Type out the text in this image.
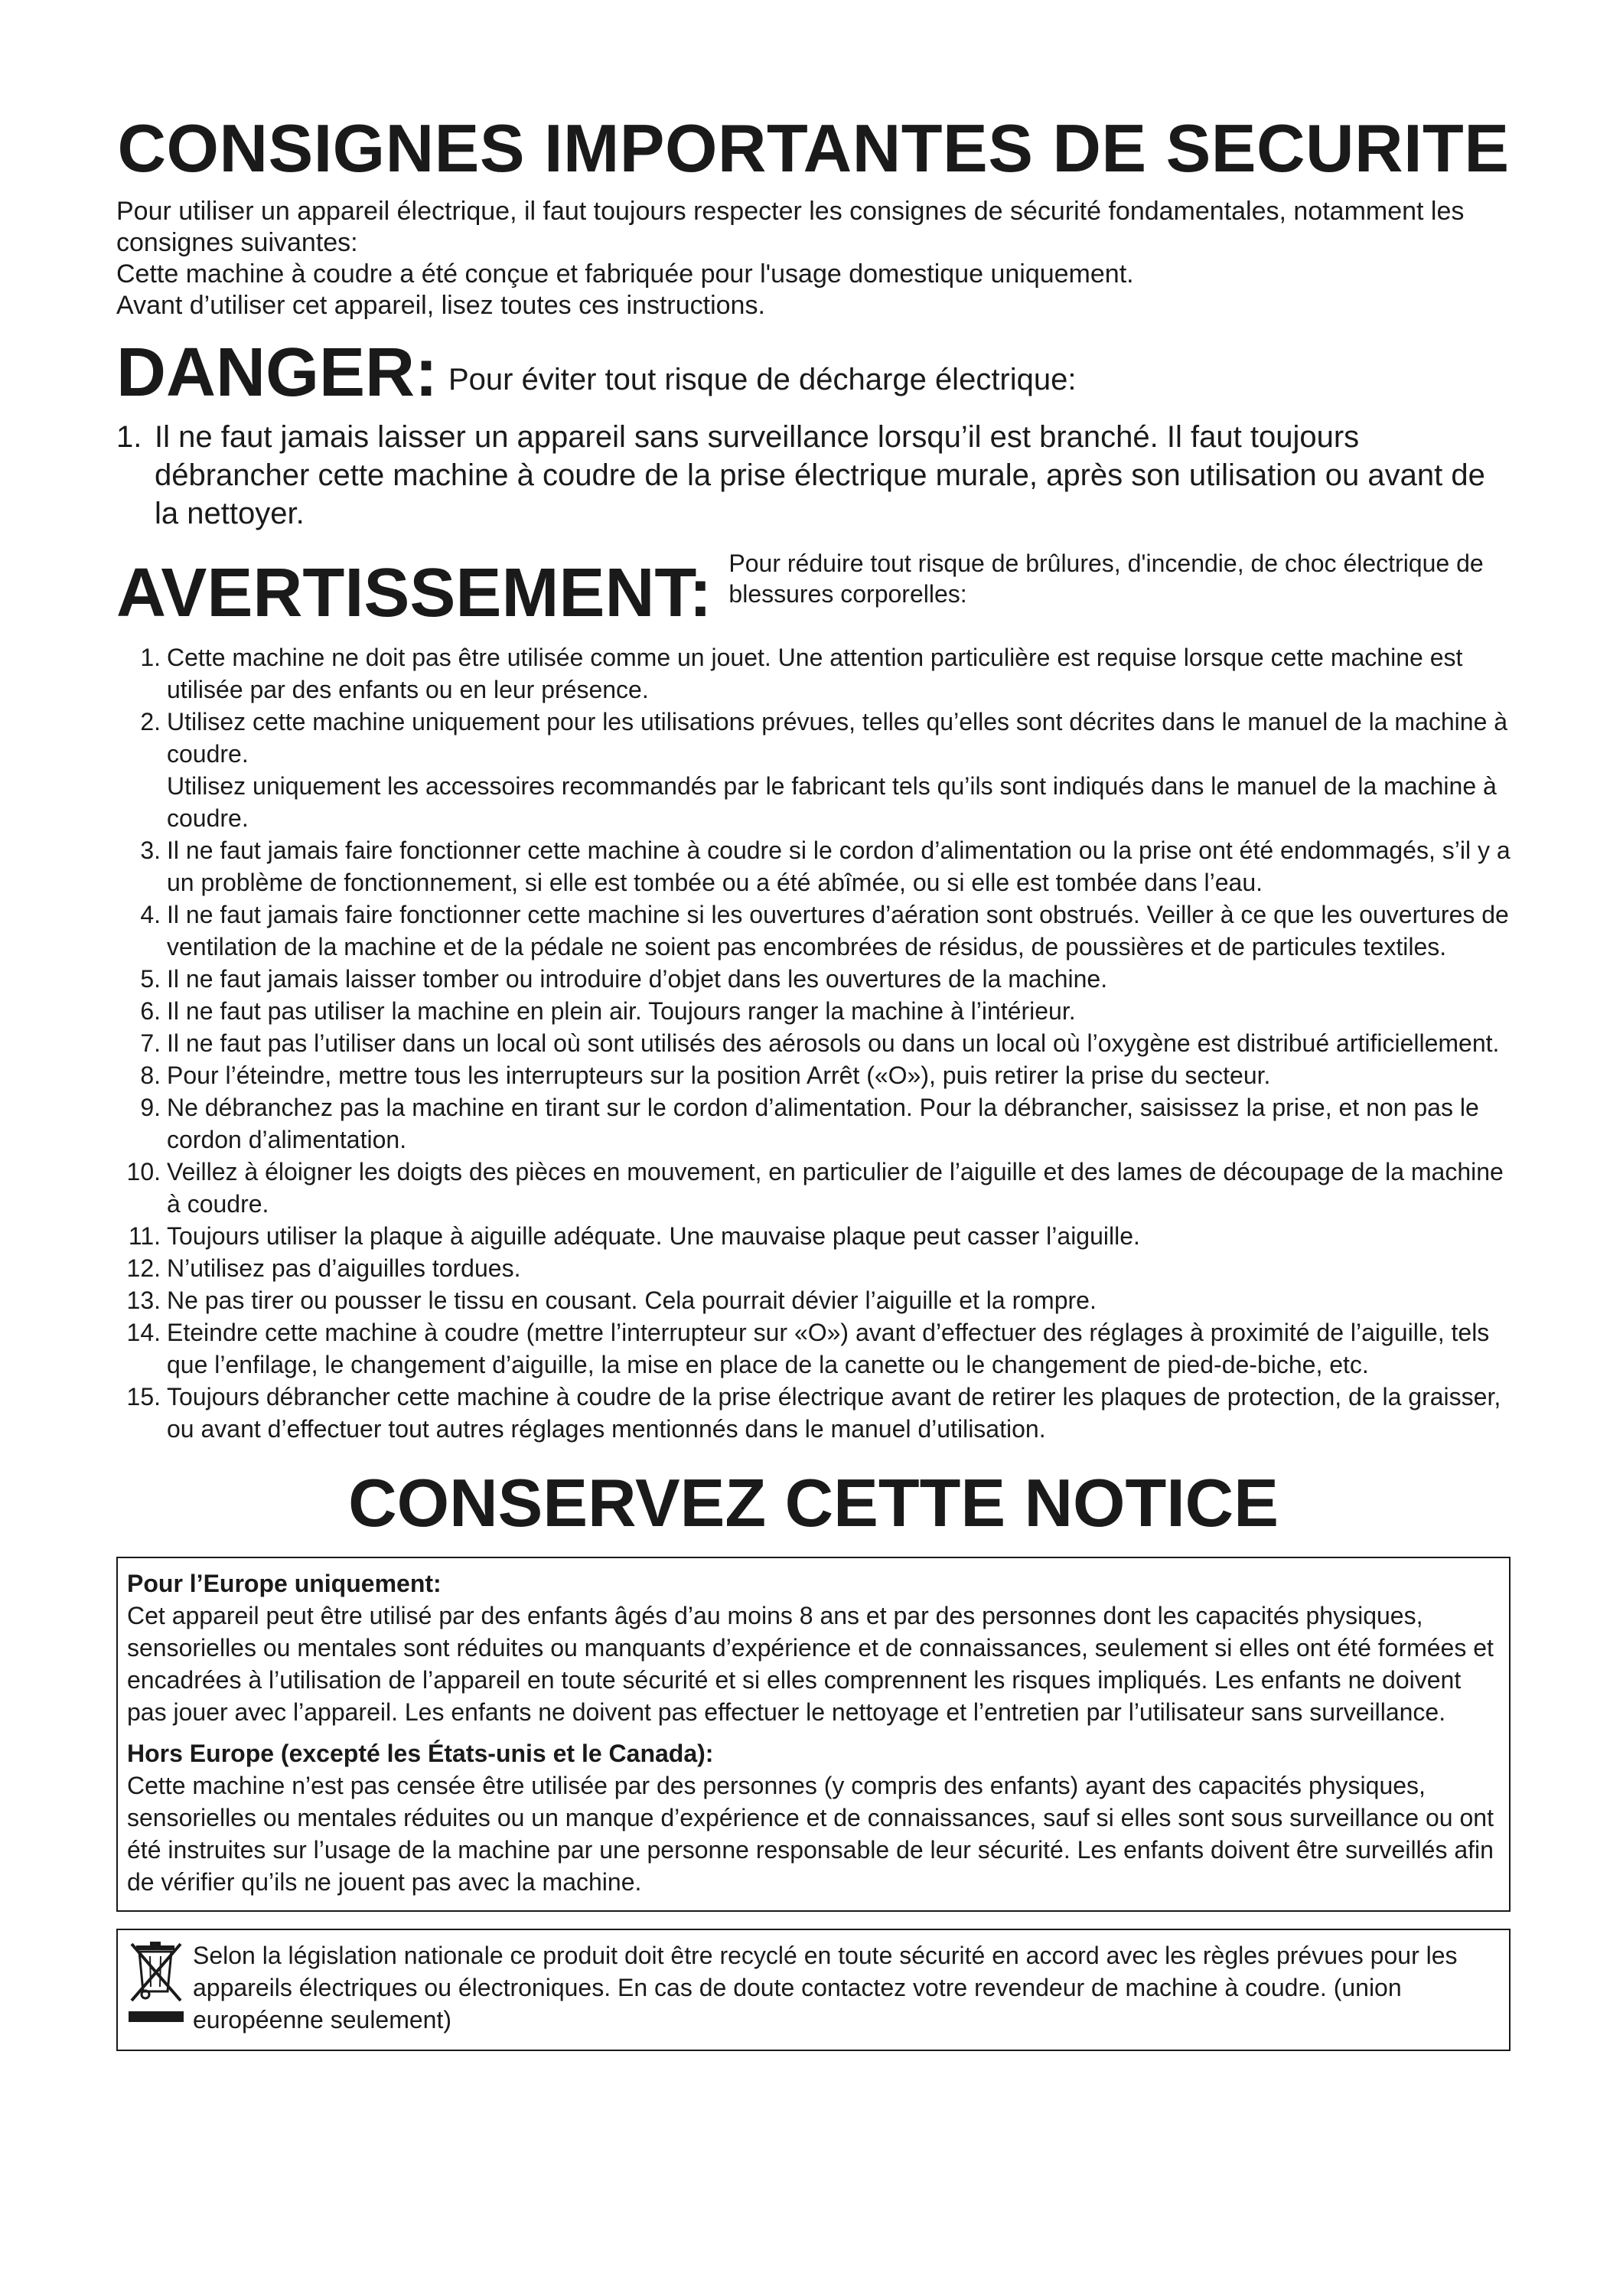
CONSIGNES IMPORTANTES DE SECURITE

Pour utiliser un appareil électrique, il faut toujours respecter les consignes de sécurité fondamentales, notamment les consignes suivantes:

Cette machine à coudre a été conçue et fabriquée pour l'usage domestique uniquement.

Avant d’utiliser cet appareil, lisez toutes ces instructions.

DANGER: Pour éviter tout risque de décharge électrique:
1. Il ne faut jamais laisser un appareil sans surveillance lorsqu’il est branché. Il faut toujours débrancher cette machine à coudre de la prise électrique murale, après son utilisation ou avant de la nettoyer.
AVERTISSEMENT: Pour réduire tout risque de brûlures, d'incendie, de choc électrique de blessures corporelles:
1. Cette machine ne doit pas être utilisée comme un jouet. Une attention particulière est requise lorsque cette machine est utilisée par des enfants ou en leur présence.

2. Utilisez cette machine uniquement pour les utilisations prévues, telles qu’elles sont décrites dans le manuel de la machine à coudre.

Utilisez uniquement les accessoires recommandés par le fabricant tels qu’ils sont indiqués dans le manuel de la machine à coudre.

3. Il ne faut jamais faire fonctionner cette machine à coudre si le cordon d’alimentation ou la prise ont été endommagés, s’il y a un problème de fonctionnement, si elle est tombée ou a été abîmée, ou si elle est tombée dans l’eau.

4. Il ne faut jamais faire fonctionner cette machine si les ouvertures d’aération sont obstrués. Veiller à ce que les ouvertures de ventilation de la machine et de la pédale ne soient pas encombrées de résidus, de poussières et de particules textiles.

5. Il ne faut jamais laisser tomber ou introduire d’objet dans les ouvertures de la machine.

6. Il ne faut pas utiliser la machine en plein air. Toujours ranger la machine à l’intérieur.

7. Il ne faut pas l’utiliser dans un local où sont utilisés des aérosols ou dans un local où l’oxygène est distribué artificiellement.

8. Pour l’éteindre, mettre tous les interrupteurs sur la position Arrêt («O»), puis retirer la prise du secteur.

9. Ne débranchez pas la machine en tirant sur le cordon d’alimentation. Pour la débrancher, saisissez la prise, et non pas le cordon d’alimentation.

10. Veillez à éloigner les doigts des pièces en mouvement, en particulier de l’aiguille et des lames de découpage de la machine à coudre.

11. Toujours utiliser la plaque à aiguille adéquate. Une mauvaise plaque peut casser l’aiguille.

12. N’utilisez pas d’aiguilles tordues.

13. Ne pas tirer ou pousser le tissu en cousant. Cela pourrait dévier l’aiguille et la rompre.

14. Eteindre cette machine à coudre (mettre l’interrupteur sur «O») avant d’effectuer des réglages à proximité de l’aiguille, tels que l’enfilage, le changement d’aiguille, la mise en place de la canette ou le changement de pied-de-biche, etc.

15. Toujours débrancher cette machine à coudre de la prise électrique avant de retirer les plaques de protection, de la graisser, ou avant d’effectuer tout autres réglages mentionnés dans le manuel d’utilisation.

CONSERVEZ CETTE NOTICE

Pour l’Europe uniquement:

Cet appareil peut être utilisé par des enfants âgés d’au moins 8 ans et par des personnes dont les capacités physiques, sensorielles ou mentales sont réduites ou manquants d’expérience et de connaissances, seulement si elles ont été formées et encadrées à l’utilisation de l’appareil en toute sécurité et si elles comprennent les risques impliqués. Les enfants ne doivent pas jouer avec l’appareil. Les enfants ne doivent pas effectuer le nettoyage et l’entretien par l’utilisateur sans surveillance.

Hors Europe (excepté les États-unis et le Canada):

Cette machine n’est pas censée être utilisée par des personnes (y compris des enfants) ayant des capacités physiques, sensorielles ou mentales réduites ou un manque d’expérience et de connaissances, sauf si elles sont sous surveillance ou ont été instruites sur l’usage de la machine par une personne responsable de leur sécurité. Les enfants doivent être surveillés afin de vérifier qu’ils ne jouent pas avec la machine.

Selon la législation nationale ce produit doit être recyclé en toute sécurité en accord avec les règles prévues pour les appareils électriques ou électroniques. En cas de doute contactez votre revendeur de machine à coudre. (union européenne seulement)
